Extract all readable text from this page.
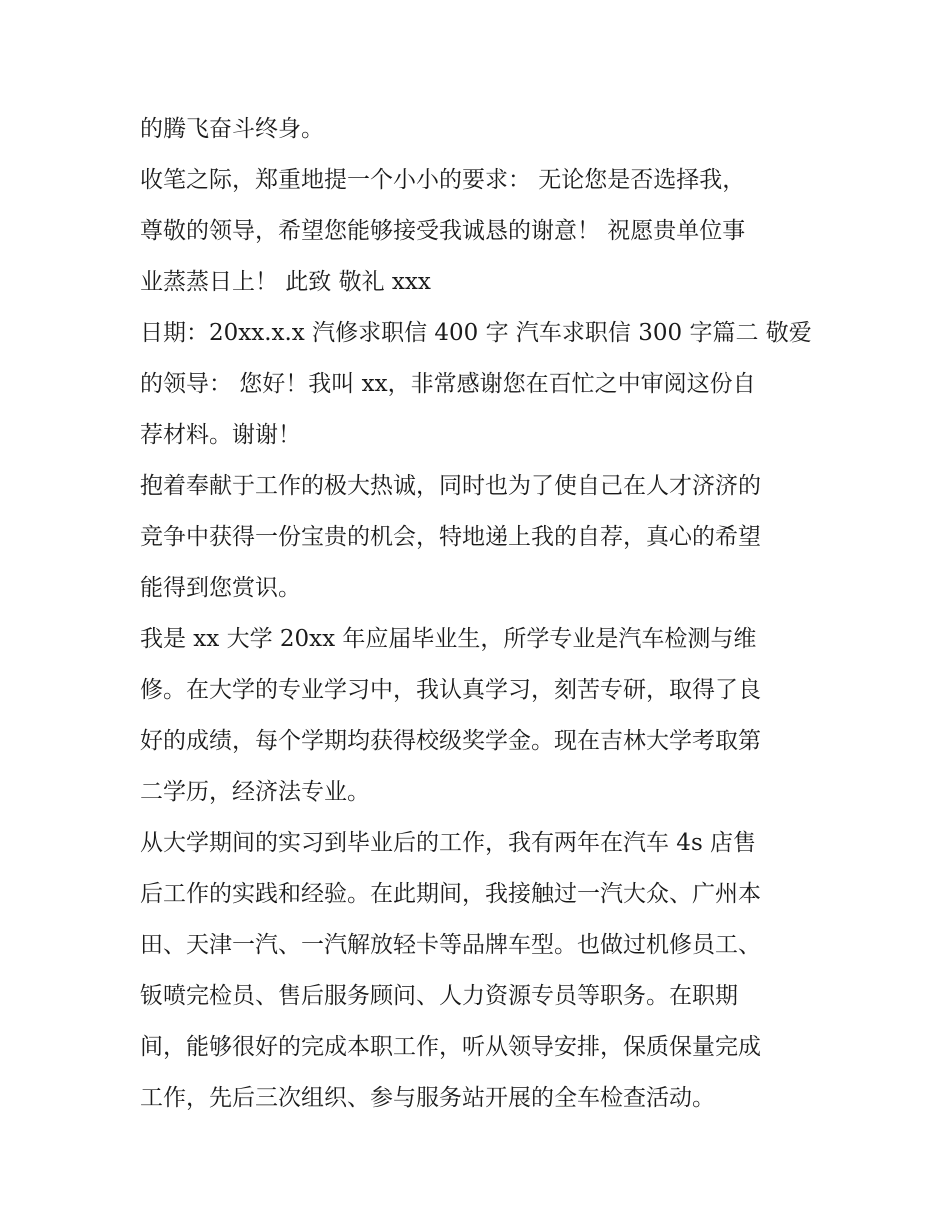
的腾飞奋斗终身。
收笔之际，郑重地提一个小小的要求： 无论您是否选择我，
尊敬的领导，希望您能够接受我诚恳的谢意！ 祝愿贵单位事
业蒸蒸日上！ 此致 敬礼 xxx
日期：20xx.x.x 汽修求职信 400 字 汽车求职信 300 字篇二 敬爱
的领导： 您好！我叫 xx，非常感谢您在百忙之中审阅这份自
荐材料。谢谢！
抱着奉献于工作的极大热诚，同时也为了使自己在人才济济的
竞争中获得一份宝贵的机会，特地递上我的自荐，真心的希望
能得到您赏识。
我是 xx 大学 20xx 年应届毕业生，所学专业是汽车检测与维
修。在大学的专业学习中，我认真学习，刻苦专研，取得了良
好的成绩，每个学期均获得校级奖学金。现在吉林大学考取第
二学历，经济法专业。
从大学期间的实习到毕业后的工作，我有两年在汽车 4s 店售
后工作的实践和经验。在此期间，我接触过一汽大众、广州本
田、天津一汽、一汽解放轻卡等品牌车型。也做过机修员工、
钣喷完检员、售后服务顾问、人力资源专员等职务。在职期
间，能够很好的完成本职工作，听从领导安排，保质保量完成
工作，先后三次组织、参与服务站开展的全车检查活动。
